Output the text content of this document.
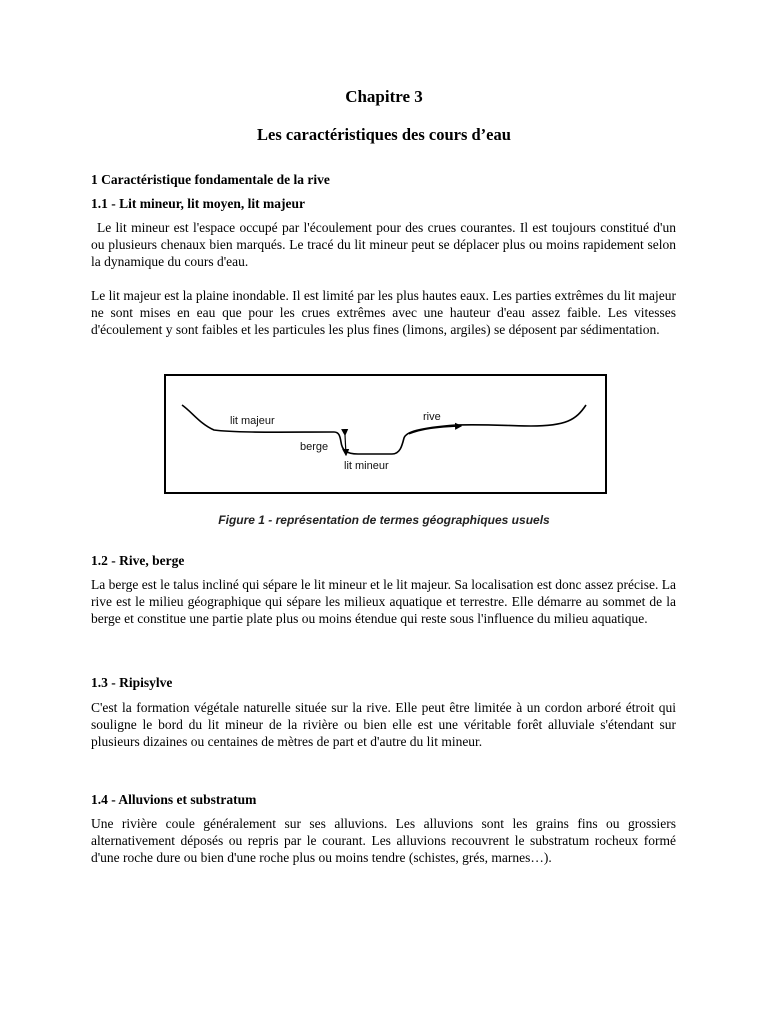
Chapitre 3
Les caractéristiques des cours d’eau
1 Caractéristique fondamentale de la rive
1.1 - Lit mineur, lit moyen, lit majeur

Le lit mineur est l'espace occupé par l'écoulement pour des crues courantes. Il est toujours constitué d'un ou plusieurs chenaux bien marqués. Le tracé du lit mineur peut se déplacer plus ou moins rapidement selon la dynamique du cours d'eau.

Le lit majeur est la plaine inondable. Il est limité par les plus hautes eaux. Les parties extrêmes du lit majeur ne sont mises en eau que pour les crues extrêmes avec une hauteur d'eau assez faible. Les vitesses d'écoulement y sont faibles et les particules les plus fines (limons, argiles) se déposent par sédimentation.

lit majeur	rive
berge
lit mineur
Figure 1 - représentation de termes géographiques usuels
1.2 - Rive, berge

La berge est le talus incliné qui sépare le lit mineur et le lit majeur. Sa localisation est donc assez précise. La rive est le milieu géographique qui sépare les milieux aquatique et terrestre. Elle démarre au sommet de la berge et constitue une partie plate plus ou moins étendue qui reste sous l'influence du milieu aquatique.

1.3 - Ripisylve

C'est la formation végétale naturelle située sur la rive. Elle peut être limitée à un cordon arboré étroit qui souligne le bord du lit mineur de la rivière ou bien elle est une véritable forêt alluviale s'étendant sur plusieurs dizaines ou centaines de mètres de part et d'autre du lit mineur.

1.4 - Alluvions et substratum

Une rivière coule généralement sur ses alluvions. Les alluvions sont les grains fins ou grossiers alternativement déposés ou repris par le courant. Les alluvions recouvrent le substratum rocheux formé d'une roche dure ou bien d'une roche plus ou moins tendre (schistes, grés, marnes…).
